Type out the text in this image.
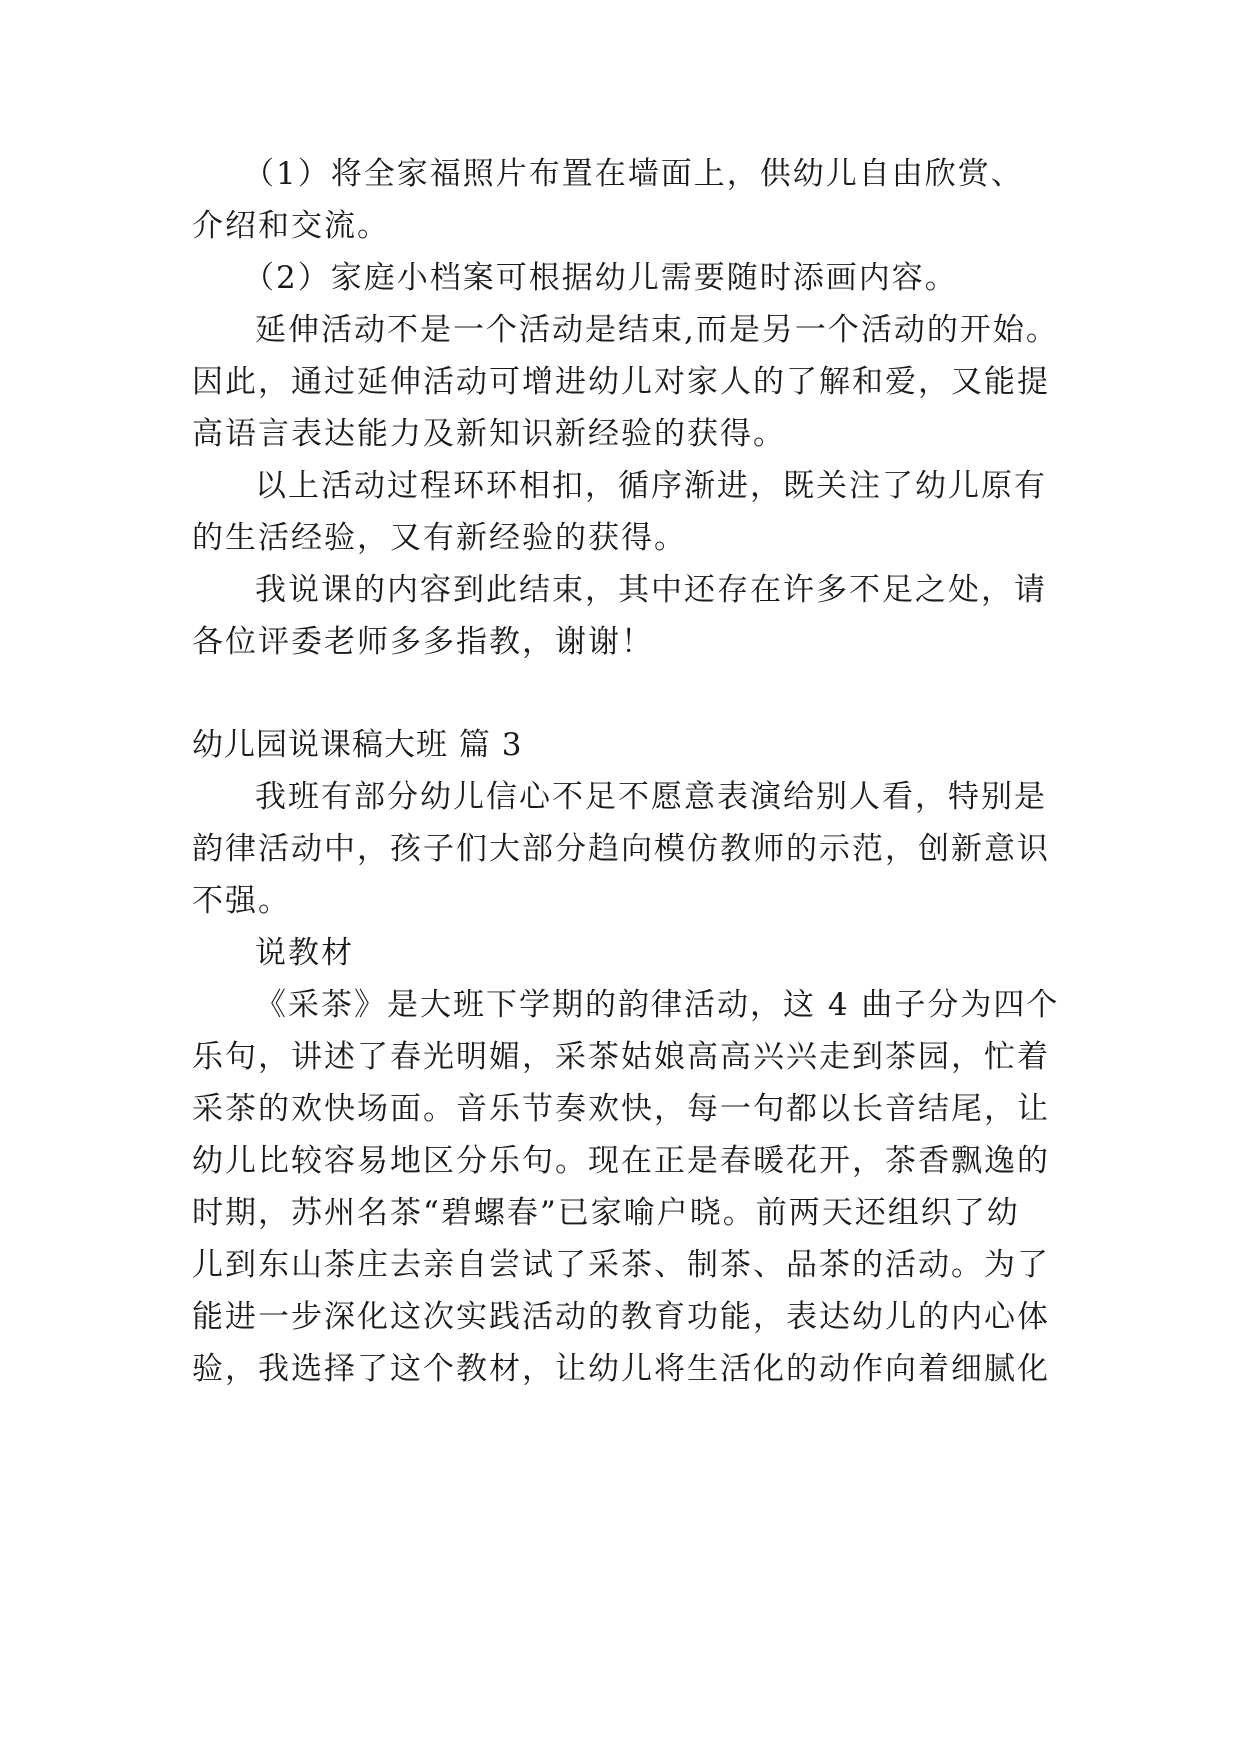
（1）将全家福照片布置在墙面上，供幼儿自由欣赏、
介绍和交流。
（2）家庭小档案可根据幼儿需要随时添画内容。
延伸活动不是一个活动是结束,而是另一个活动的开始。
因此，通过延伸活动可增进幼儿对家人的了解和爱，又能提
高语言表达能力及新知识新经验的获得。
以上活动过程环环相扣，循序渐进，既关注了幼儿原有
的生活经验，又有新经验的获得。
我说课的内容到此结束，其中还存在许多不足之处，请
各位评委老师多多指教，谢谢！
幼儿园说课稿大班 篇 3
我班有部分幼儿信心不足不愿意表演给别人看，特别是
韵律活动中，孩子们大部分趋向模仿教师的示范，创新意识
不强。
说教材
《采茶》是大班下学期的韵律活动，这 4 曲子分为四个
乐句，讲述了春光明媚，采茶姑娘高高兴兴走到茶园，忙着
采茶的欢快场面。音乐节奏欢快，每一句都以长音结尾，让
幼儿比较容易地区分乐句。现在正是春暖花开，茶香飘逸的
时期，苏州名茶“碧螺春”已家喻户晓。前两天还组织了幼
儿到东山茶庄去亲自尝试了采茶、制茶、品茶的活动。为了
能进一步深化这次实践活动的教育功能，表达幼儿的内心体
验，我选择了这个教材，让幼儿将生活化的动作向着细腻化
